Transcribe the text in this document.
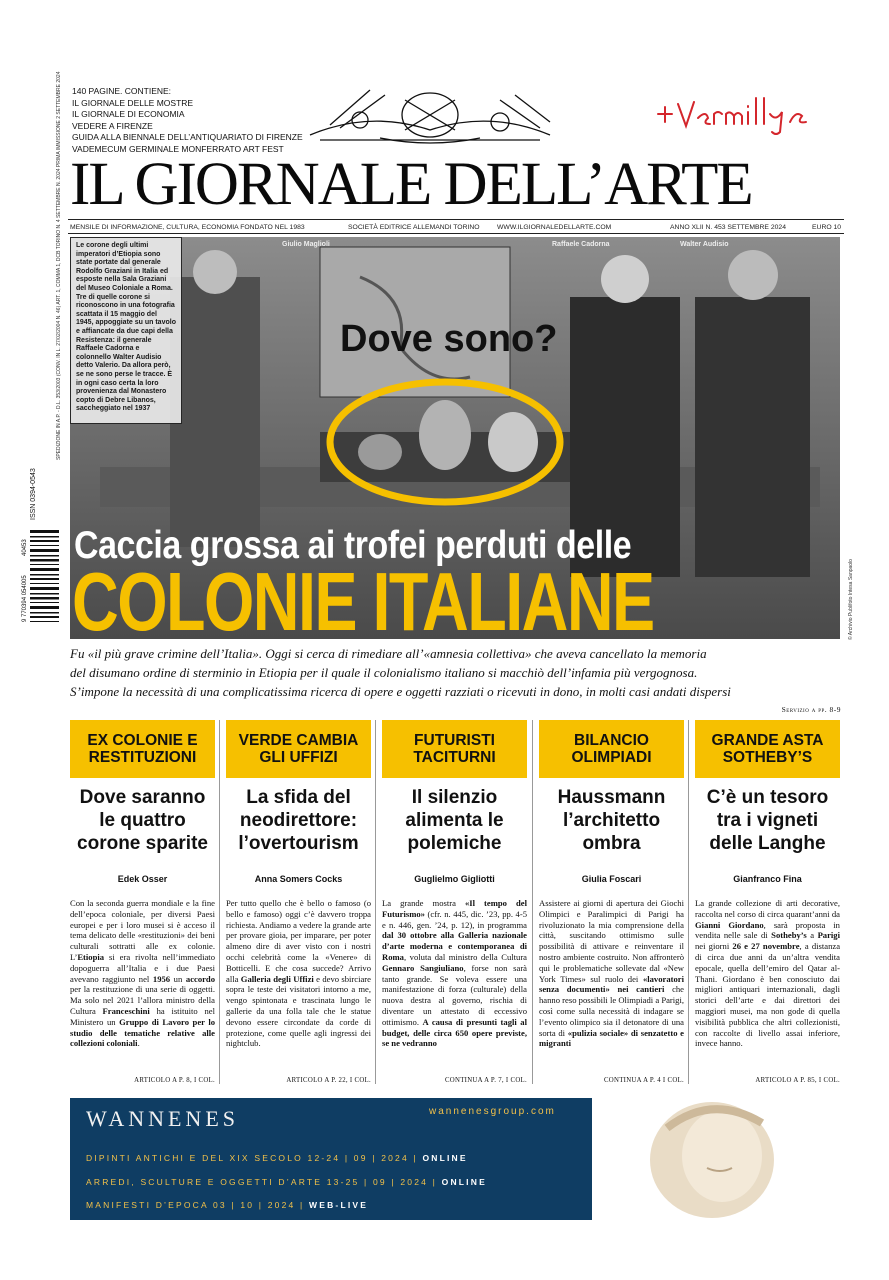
140 PAGINE. CONTIENE:
IL GIORNALE DELLE MOSTRE
IL GIORNALE DI ECONOMIA
VEDERE A FIRENZE
GUIDA ALLA BIENNALE DELL’ANTIQUARIATO DI FIRENZE
VADEMECUM GERMINALE MONFERRATO ART FEST
IL GIORNALE DELL’ARTE
MENSILE DI INFORMAZIONE, CULTURA, ECONOMIA FONDATO NEL 1983	SOCIETÀ EDITRICE ALLEMANDI TORINO	WWW.ILGIORNALEDELLARTE.COM	ANNO XLII N. 453 SETTEMBRE 2024	EURO 10
SPEDIZIONE IN A.P. - D.L. 353/2003 (CONV. IN L. 27/02/2004 N. 46) ART. 1, COMMA 1, DCB TORINO N. 4 SETTEMBRE N. 2024 PRIMA IMMISSIONE 2 SETTEMBRE 2024
ISSN 0394-0543
9 770394 054005
40453
Giulio Maglioli	Raffaele Cadorna	Walter Audisio
Le corone degli ultimi imperatori d’Etiopia sono state portate dal generale Rodolfo Graziani in Italia ed esposte nella Sala Graziani del Museo Coloniale a Roma. Tre di quelle corone si riconoscono in una fotografia scattata il 15 maggio del 1945, appoggiate su un tavolo e affiancate da due capi della Resistenza: il generale Raffaele Cadorna e colonnello Walter Audisio detto Valerio. Da allora però, se ne sono perse le tracce. È in ogni caso certa la loro provenienza dal Monastero copto di Debre Libanos, saccheggiato nel 1937
Dove sono?
© Archivio Publifoto Intesa Sanpaolo
Caccia grossa ai trofei perduti delle
COLONIE ITALIANE
Fu «il più grave crimine dell’Italia». Oggi si cerca di rimediare all’«amnesia collettiva» che aveva cancellato la memoria
del disumano ordine di sterminio in Etiopia per il quale il colonialismo italiano si macchiò dell’infamia più vergognosa.
S’impone la necessità di una complicatissima ricerca di opere e oggetti razziati o ricevuti in dono, in molti casi andati dispersi
Servizio a pp. 8-9
EX COLONIE E RESTITUZIONI
Dove saranno le quattro corone sparite
Edek Osser
Con la seconda guerra mondiale e la fine dell’epoca coloniale, per diversi Paesi europei e per i loro musei si è acceso il tema delicato delle «restituzioni» dei beni culturali sottratti alle ex colonie. L’Etiopia si era rivolta nell’immediato dopoguerra all’Italia e i due Paesi avevano raggiunto nel 1956 un accordo per la restituzione di una serie di oggetti. Ma solo nel 2021 l’allora ministro della Cultura Franceschini ha istituito nel Ministero un Gruppo di Lavoro per lo studio delle tematiche relative alle collezioni coloniali.
ARTICOLO A P. 8, I COL.
VERDE CAMBIA GLI UFFIZI
La sfida del neodirettore: l’overtourism
Anna Somers Cocks
Per tutto quello che è bello o famoso (o bello e famoso) oggi c’è davvero troppa richiesta. Andiamo a vedere la grande arte per provare gioia, per imparare, per poter almeno dire di aver visto con i nostri occhi celebrità come la «Venere» di Botticelli. E che cosa succede? Arrivo alla Galleria degli Uffizi e devo sbirciare sopra le teste dei visitatori intorno a me, vengo spintonata e trascinata lungo le gallerie da una folla tale che le statue devono essere circondate da corde di protezione, come quelle agli ingressi dei nightclub.
ARTICOLO A P. 22, I COL.
FUTURISTI TACITURNI
Il silenzio alimenta le polemiche
Guglielmo Gigliotti
La grande mostra «Il tempo del Futurismo» (cfr. n. 445, dic. ’23, pp. 4-5 e n. 446, gen. ’24, p. 12), in programma dal 30 ottobre alla Galleria nazionale d’arte moderna e contemporanea di Roma, voluta dal ministro della Cultura Gennaro Sangiuliano, forse non sarà tanto grande. Se voleva essere una manifestazione di forza (culturale) della nuova destra al governo, rischia di diventare un attestato di eccessivo ottimismo. A causa di presunti tagli al budget, delle circa 650 opere previste, se ne vedranno
CONTINUA A P. 7, I COL.
BILANCIO OLIMPIADI
Haussmann l’architetto ombra
Giulia Foscari
Assistere ai giorni di apertura dei Giochi Olimpici e Paralimpici di Parigi ha rivoluzionato la mia comprensione della città, suscitando ottimismo sulle possibilità di attivare e reinventare il nostro ambiente costruito. Non affronterò qui le problematiche sollevate dal «New York Times» sul ruolo dei «lavoratori senza documenti» nei cantieri che hanno reso possibili le Olimpiadi a Parigi, così come sulla necessità di indagare se l’evento olimpico sia il detonatore di una sorta di «pulizia sociale» di senzatetto e migranti
CONTINUA A P. 4 I COL.
GRANDE ASTA SOTHEBY’S
C’è un tesoro tra i vigneti delle Langhe
Gianfranco Fina
La grande collezione di arti decorative, raccolta nel corso di circa quarant’anni da Gianni Giordano, sarà proposta in vendita nelle sale di Sotheby’s a Parigi nei giorni 26 e 27 novembre, a distanza di circa due anni da un’altra vendita epocale, quella dell’emiro del Qatar al-Thani. Giordano è ben conosciuto dai migliori antiquari internazionali, dagli storici dell’arte e dai direttori dei maggiori musei, ma non gode di quella visibilità pubblica che altri collezionisti, con raccolte di livello assai inferiore, invece hanno.
ARTICOLO A P. 85, I COL.
WANNENES	wannenesgroup.com
DIPINTI ANTICHI E DEL XIX SECOLO 12-24 | 09 | 2024 | ONLINE
ARREDI, SCULTURE E OGGETTI D’ARTE 13-25 | 09 | 2024 | ONLINE
MANIFESTI D’EPOCA 03 | 10 | 2024 | WEB-LIVE
